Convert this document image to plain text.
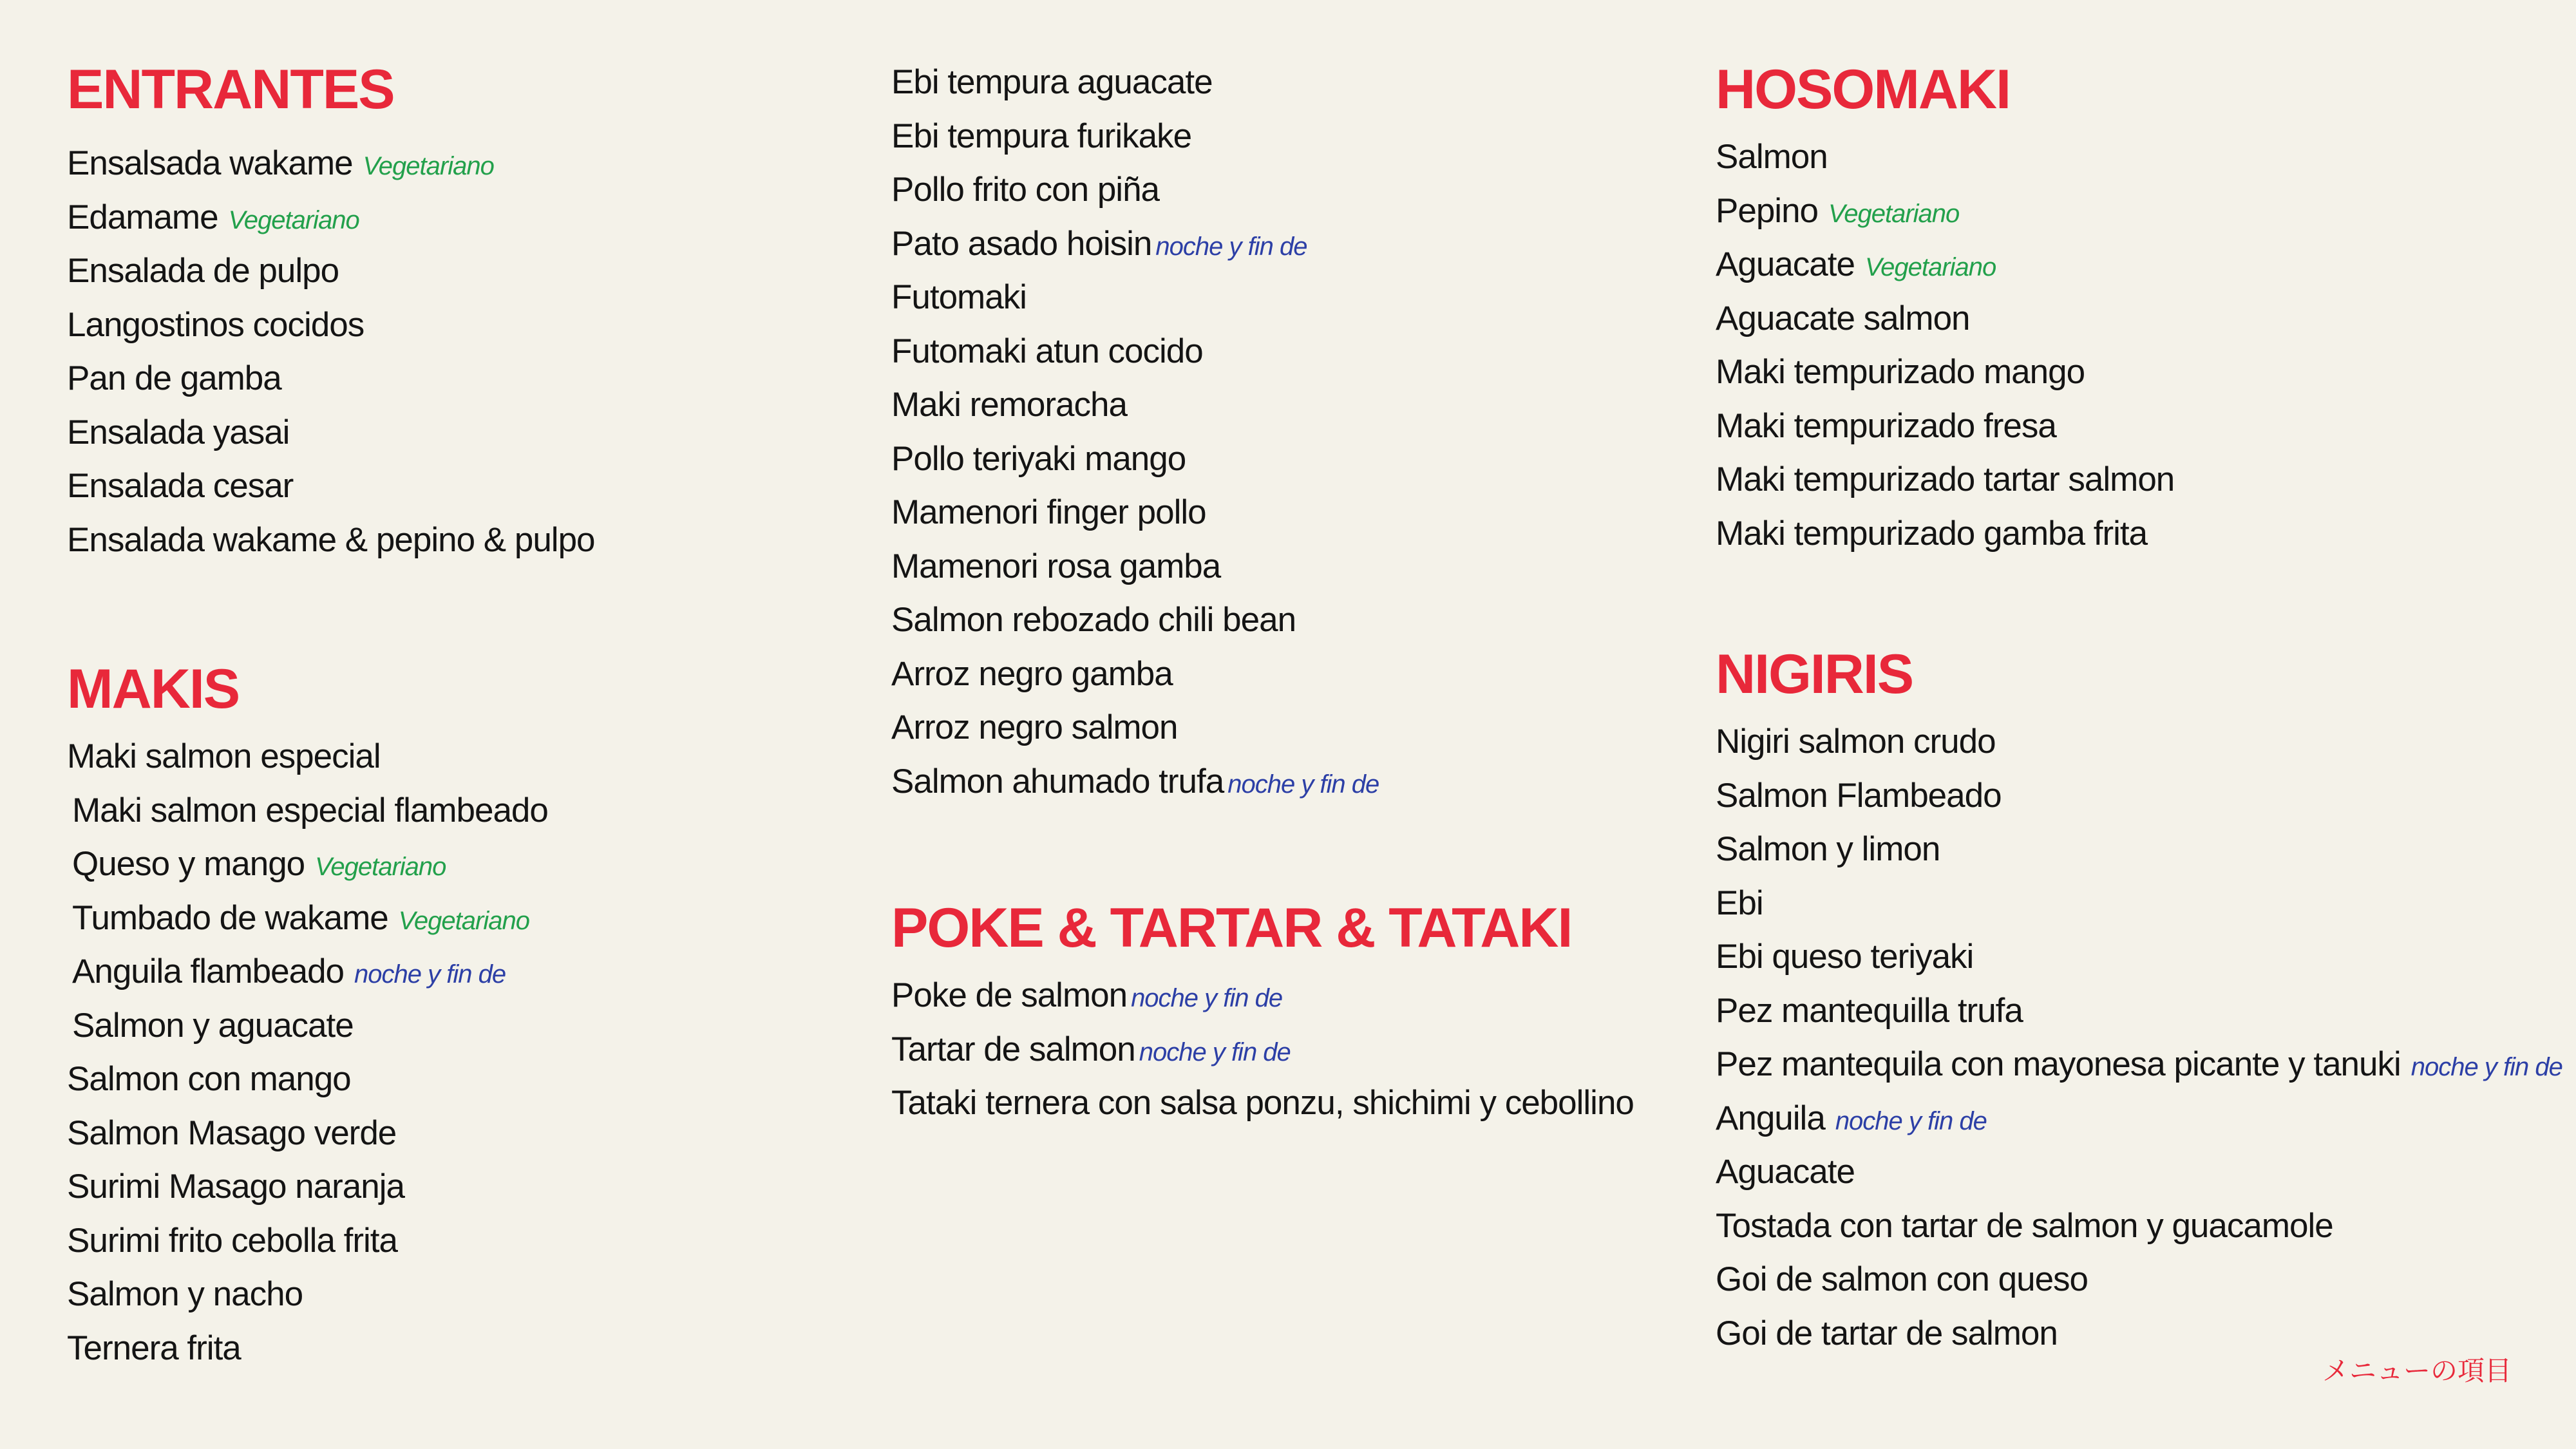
ENTRANTES
Ensalsada wakame Vegetariano
Edamame Vegetariano
Ensalada de pulpo
Langostinos cocidos
Pan de gamba
Ensalada yasai
Ensalada cesar
Ensalada wakame & pepino & pulpo
MAKIS
Maki salmon especial
Maki salmon especial flambeado
Queso y mango Vegetariano
Tumbado de wakame Vegetariano
Anguila flambeado noche y fin de
Salmon y aguacate
Salmon con mango
Salmon Masago verde
Surimi Masago naranja
Surimi frito cebolla frita
Salmon y nacho
Ternera frita
Ebi tempura aguacate
Ebi tempura furikake
Pollo frito con piña
Pato asado hoisin noche y fin de
Futomaki
Futomaki atun cocido
Maki remoracha
Pollo teriyaki mango
Mamenori finger pollo
Mamenori rosa gamba
Salmon rebozado chili bean
Arroz negro gamba
Arroz negro salmon
Salmon ahumado trufa noche y fin de
POKE & TARTAR & TATAKI
Poke de salmon noche y fin de
Tartar de salmon noche y fin de
Tataki ternera con salsa ponzu, shichimi y cebollino
HOSOMAKI
Salmon
Pepino Vegetariano
Aguacate Vegetariano
Aguacate salmon
Maki tempurizado mango
Maki tempurizado fresa
Maki tempurizado tartar salmon
Maki tempurizado gamba frita
NIGIRIS
Nigiri salmon crudo
Salmon Flambeado
Salmon y limon
Ebi
Ebi queso teriyaki
Pez mantequilla trufa
Pez mantequila con mayonesa picante y tanuki noche y fin de
Anguila noche y fin de
Aguacate
Tostada con tartar de salmon y guacamole
Goi de salmon con queso
Goi de tartar de salmon
メニューの項目
